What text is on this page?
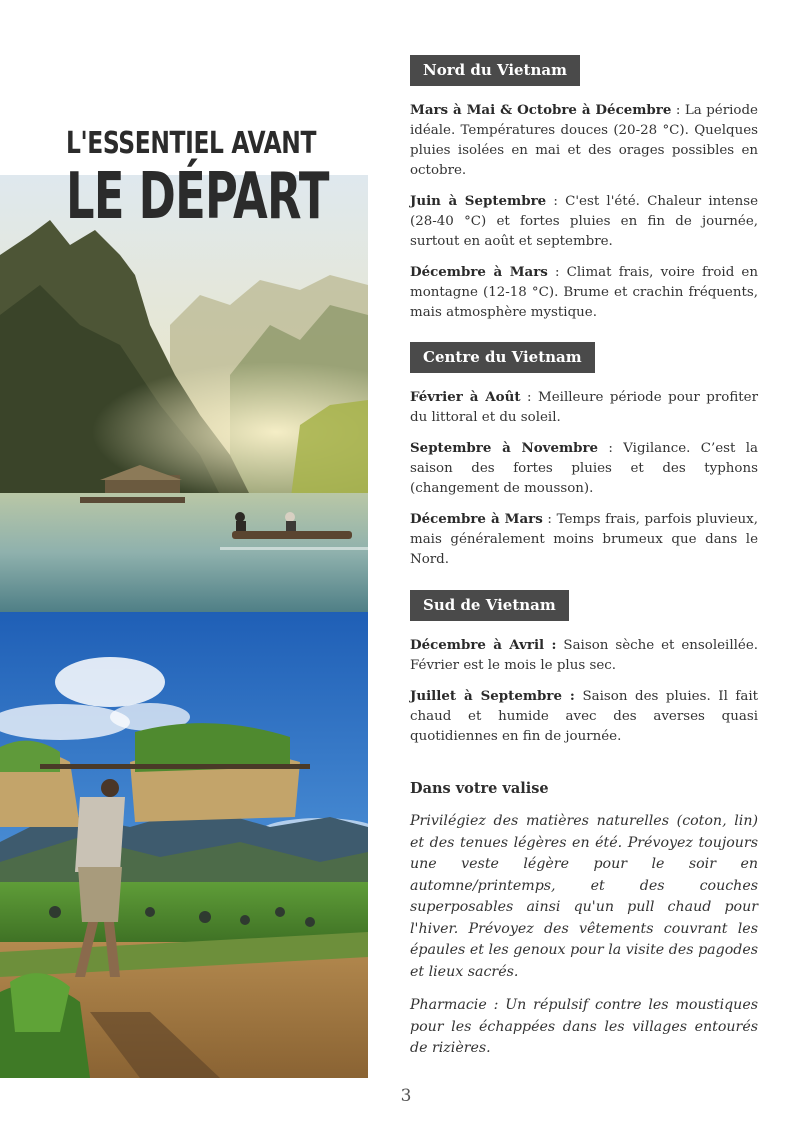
L'ESSENTIEL AVANT
LE DÉPART
Nord du Vietnam

Mars à Mai & Octobre à Décembre : La période idéale. Températures douces (20-28 °C). Quelques pluies isolées en mai et des orages possibles en octobre.

Juin à Septembre : C'est l'été. Chaleur intense (28-40 °C) et fortes pluies en fin de journée, surtout en août et septembre.

Décembre à Mars : Climat frais, voire froid en montagne (12-18 °C). Brume et crachin fréquents, mais atmosphère mystique.

Centre du Vietnam

Février à Août : Meilleure période pour profiter du littoral et du soleil.

Septembre à Novembre : Vigilance. C’est la saison des fortes pluies et des typhons (changement de mousson).

Décembre à Mars : Temps frais, parfois pluvieux, mais généralement moins brumeux que dans le Nord.

Sud de Vietnam

Décembre à Avril : Saison sèche et ensoleillée. Février est le mois le plus sec.

Juillet à Septembre : Saison des pluies. Il fait chaud et humide avec des averses quasi quotidiennes en fin de journée.

Dans votre valise

Privilégiez des matières naturelles (coton, lin) et des tenues légères en été. Prévoyez toujours une veste légère pour le soir en automne/printemps, et des couches superposables ainsi qu'un pull chaud pour l'hiver. Prévoyez des vêtements couvrant les épaules et les genoux pour la visite des pagodes et lieux sacrés.

Pharmacie : Un répulsif contre les moustiques pour les échappées dans les villages entourés de rizières.

3
